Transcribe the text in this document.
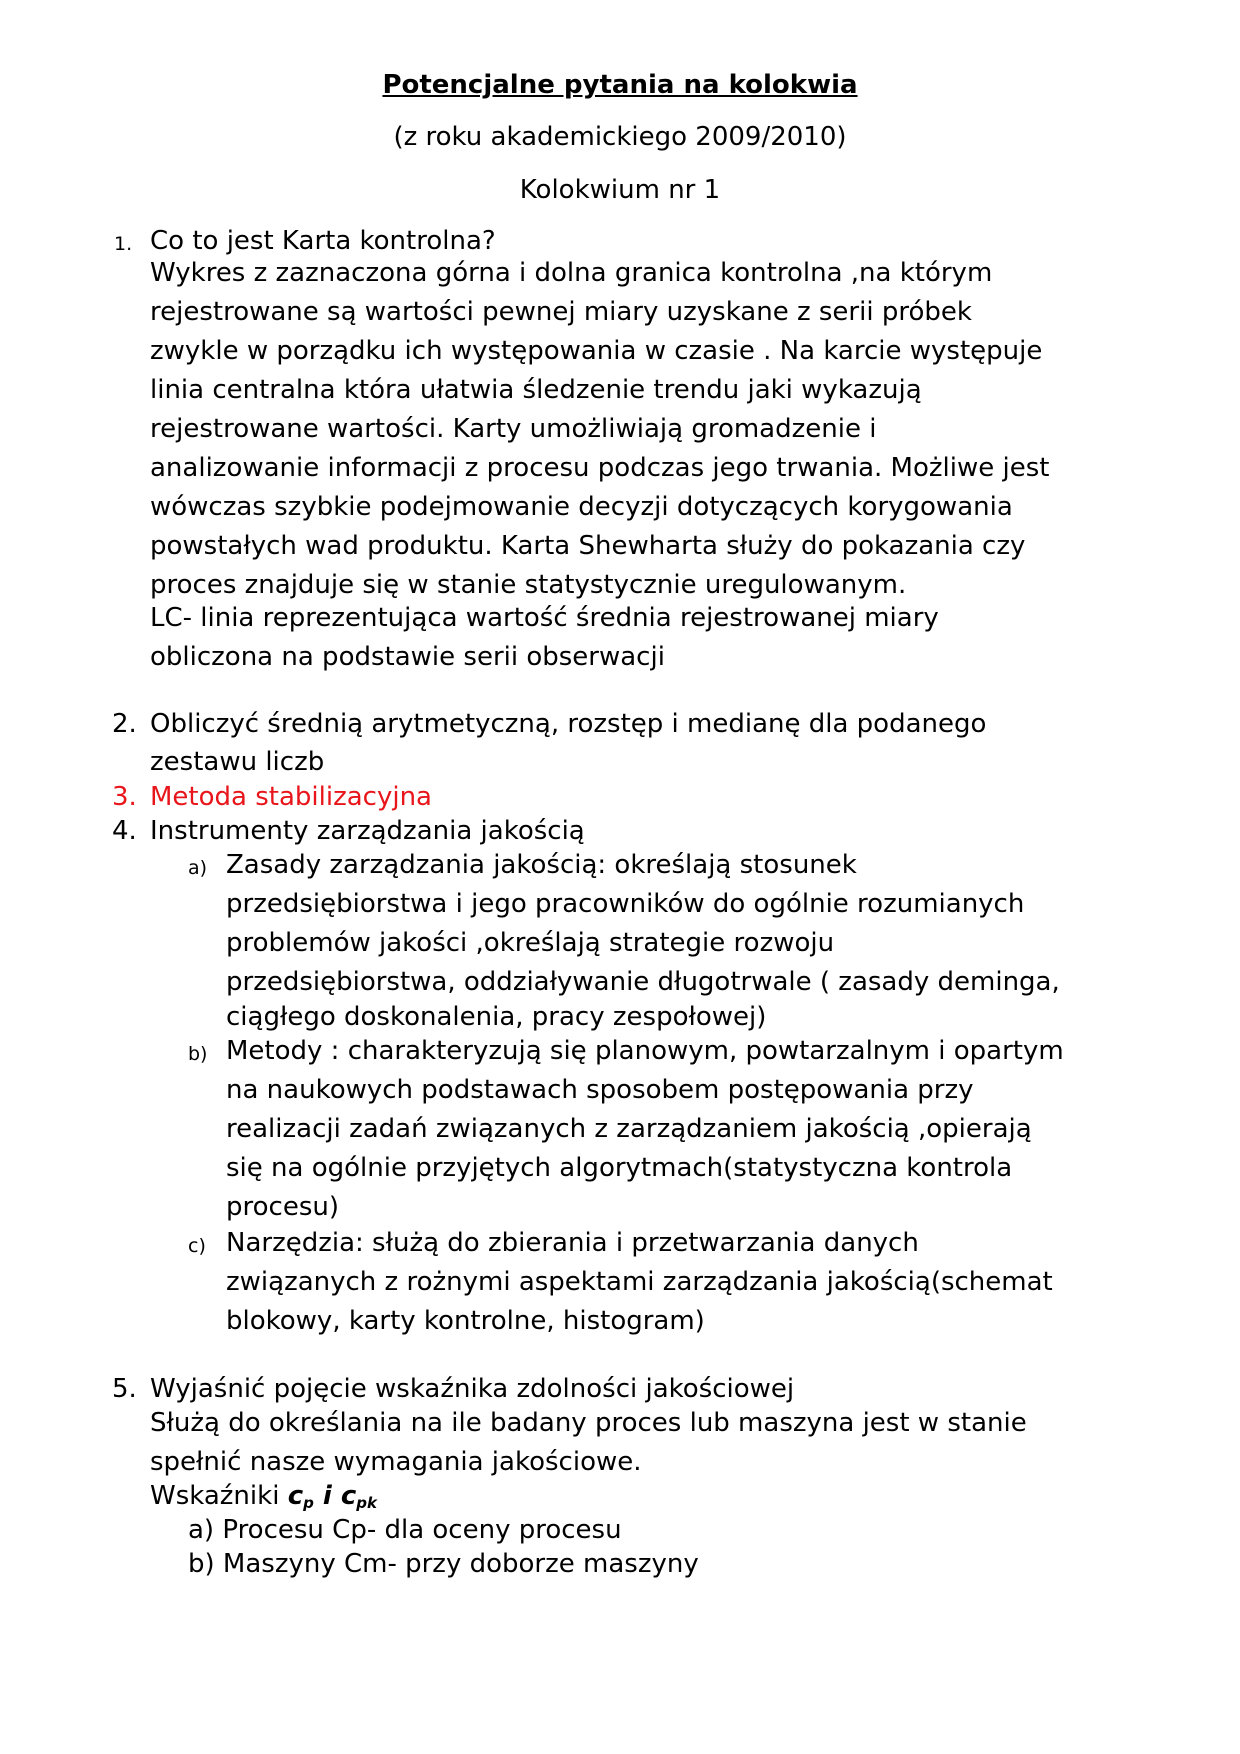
Potencjalne pytania na kolokwia
(z roku akademickiego 2009/2010)
Kolokwium nr 1
1. Co to jest Karta kontrolna?
Wykres z zaznaczona górna i dolna granica kontrolna ,na którym
rejestrowane są wartości pewnej miary uzyskane z serii próbek
zwykle w porządku ich występowania w czasie . Na karcie występuje
linia centralna która ułatwia śledzenie trendu jaki wykazują
rejestrowane wartości. Karty umożliwiają gromadzenie i
analizowanie informacji z procesu podczas jego trwania. Możliwe jest
wówczas szybkie podejmowanie decyzji dotyczących korygowania
powstałych wad produktu. Karta Shewharta służy do pokazania czy
proces znajduje się w stanie statystycznie uregulowanym.
LC- linia reprezentująca wartość średnia rejestrowanej miary
obliczona na podstawie serii obserwacji
2. Obliczyć średnią arytmetyczną, rozstęp i medianę dla podanego
zestawu liczb
3. Metoda stabilizacyjna
4. Instrumenty zarządzania jakością
a) Zasady zarządzania jakością: określają stosunek
przedsiębiorstwa i jego pracowników do ogólnie rozumianych
problemów jakości ,określają strategie rozwoju
przedsiębiorstwa, oddziaływanie długotrwale ( zasady deminga,
ciągłego doskonalenia, pracy zespołowej)
b) Metody : charakteryzują się planowym, powtarzalnym i opartym
na naukowych podstawach sposobem postępowania przy
realizacji zadań związanych z zarządzaniem jakością ,opierają
się na ogólnie przyjętych algorytmach(statystyczna kontrola
procesu)
c) Narzędzia: służą do zbierania i przetwarzania danych
związanych z rożnymi aspektami zarządzania jakością(schemat
blokowy, karty kontrolne, histogram)
5. Wyjaśnić pojęcie wskaźnika zdolności jakościowej
Służą do określania na ile badany proces lub maszyna jest w stanie
spełnić nasze wymagania jakościowe.
Wskaźniki $c_p$ i $c_{pk}$
a) Procesu Cp- dla oceny procesu
b) Maszyny Cm- przy doborze maszyny
